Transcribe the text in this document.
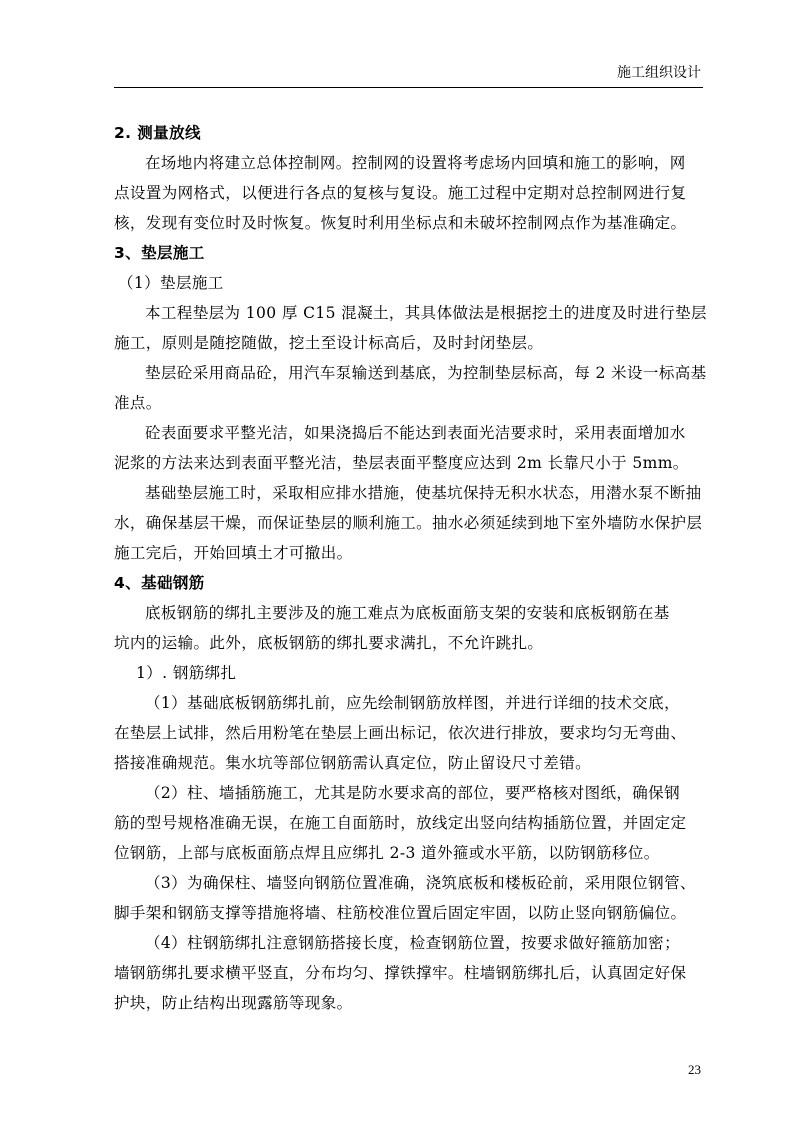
施工组织设计
2. 测量放线
在场地内将建立总体控制网。控制网的设置将考虑场内回填和施工的影响，网
点设置为网格式，以便进行各点的复核与复设。施工过程中定期对总控制网进行复
核，发现有变位时及时恢复。恢复时利用坐标点和未破坏控制网点作为基准确定。
3、垫层施工
（1）垫层施工
本工程垫层为 100 厚 C15 混凝土，其具体做法是根据挖土的进度及时进行垫层
施工，原则是随挖随做，挖土至设计标高后，及时封闭垫层。
垫层砼采用商品砼，用汽车泵输送到基底，为控制垫层标高，每 2 米设一标高基
准点。
砼表面要求平整光洁，如果浇捣后不能达到表面光洁要求时，采用表面增加水
泥浆的方法来达到表面平整光洁，垫层表面平整度应达到 2m 长靠尺小于 5mm。
基础垫层施工时，采取相应排水措施，使基坑保持无积水状态，用潜水泵不断抽
水，确保基层干燥，而保证垫层的顺利施工。抽水必须延续到地下室外墙防水保护层
施工完后，开始回填土才可撤出。
4、基础钢筋
底板钢筋的绑扎主要涉及的施工难点为底板面筋支架的安装和底板钢筋在基
坑内的运输。此外，底板钢筋的绑扎要求满扎，不允许跳扎。
1）. 钢筋绑扎
（1）基础底板钢筋绑扎前，应先绘制钢筋放样图，并进行详细的技术交底，
在垫层上试排，然后用粉笔在垫层上画出标记，依次进行排放，要求均匀无弯曲、
搭接准确规范。集水坑等部位钢筋需认真定位，防止留设尺寸差错。
（2）柱、墙插筋施工，尤其是防水要求高的部位，要严格核对图纸，确保钢
筋的型号规格准确无误，在施工自面筋时，放线定出竖向结构插筋位置，并固定定
位钢筋，上部与底板面筋点焊且应绑扎 2-3 道外箍或水平筋，以防钢筋移位。
（3）为确保柱、墙竖向钢筋位置准确，浇筑底板和楼板砼前，采用限位钢管、
脚手架和钢筋支撑等措施将墙、柱筋校准位置后固定牢固，以防止竖向钢筋偏位。
（4）柱钢筋绑扎注意钢筋搭接长度，检查钢筋位置，按要求做好箍筋加密；
墙钢筋绑扎要求横平竖直，分布均匀、撑铁撑牢。柱墙钢筋绑扎后，认真固定好保
护块，防止结构出现露筋等现象。
23
